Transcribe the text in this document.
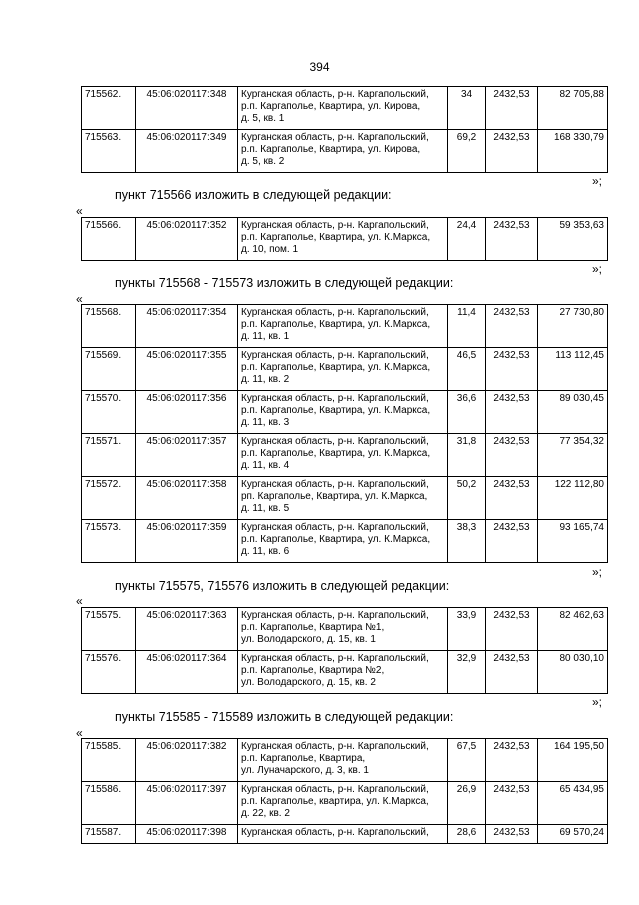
394
715562.	45:06:020117:348	Курганская область, р-н. Каргапольский,
р.п. Каргаполье, Квартира, ул. Кирова,
д. 5, кв. 1	34	2432,53	82 705,88
715563.	45:06:020117:349	Курганская область, р-н. Каргапольский,
р.п. Каргаполье, Квартира, ул. Кирова,
д. 5, кв. 2	69,2	2432,53	168 330,79
»;
пункт 715566 изложить в следующей редакции:
«
715566.	45:06:020117:352	Курганская область, р-н. Каргапольский,
р.п. Каргаполье, Квартира, ул. К.Маркса,
д. 10, пом. 1
	24,4	2432,53	59 353,63
»;
пункты 715568 - 715573 изложить в следующей редакции:
«
715568.	45:06:020117:354	Курганская область, р-н. Каргапольский,
р.п. Каргаполье, Квартира, ул. К.Маркса,
д. 11, кв. 1	11,4	2432,53	27 730,80
715569.	45:06:020117:355	Курганская область, р-н. Каргапольский,
р.п. Каргаполье, Квартира, ул. К.Маркса,
д. 11, кв. 2	46,5	2432,53	113 112,45
715570.	45:06:020117:356	Курганская область, р-н. Каргапольский,
р.п. Каргаполье, Квартира, ул. К.Маркса,
д. 11, кв. 3	36,6	2432,53	89 030,45
715571.	45:06:020117:357	Курганская область, р-н. Каргапольский,
р.п. Каргаполье, Квартира, ул. К.Маркса,
д. 11, кв. 4	31,8	2432,53	77 354,32
715572.	45:06:020117:358	Курганская область, р-н. Каргапольский,
рп. Каргаполье, Квартира, ул. К.Маркса,
д. 11, кв. 5	50,2	2432,53	122 112,80
715573.	45:06:020117:359	Курганская область, р-н. Каргапольский,
р.п. Каргаполье, Квартира, ул. К.Маркса,
д. 11, кв. 6	38,3	2432,53	93 165,74
»;
пункты 715575, 715576 изложить в следующей редакции:
«
715575.	45:06:020117:363	Курганская область, р-н. Каргапольский,
р.п. Каргаполье, Квартира №1,
ул. Володарского, д. 15, кв. 1	33,9	2432,53	82 462,63
715576.	45:06:020117:364	Курганская область, р-н. Каргапольский,
р.п. Каргаполье, Квартира №2,
ул. Володарского, д. 15, кв. 2	32,9	2432,53	80 030,10
»;
пункты 715585 - 715589 изложить в следующей редакции:
«
715585.	45:06:020117:382	Курганская область, р-н. Каргапольский,
р.п. Каргаполье, Квартира,
ул. Луначарского, д. 3, кв. 1	67,5	2432,53	164 195,50
715586.	45:06:020117:397	Курганская область, р-н. Каргапольский,
р.п. Каргаполье, квартира, ул. К.Маркса,
д. 22, кв. 2	26,9	2432,53	65 434,95
715587.	45:06:020117:398	Курганская область, р-н. Каргапольский,	28,6	2432,53	69 570,24
